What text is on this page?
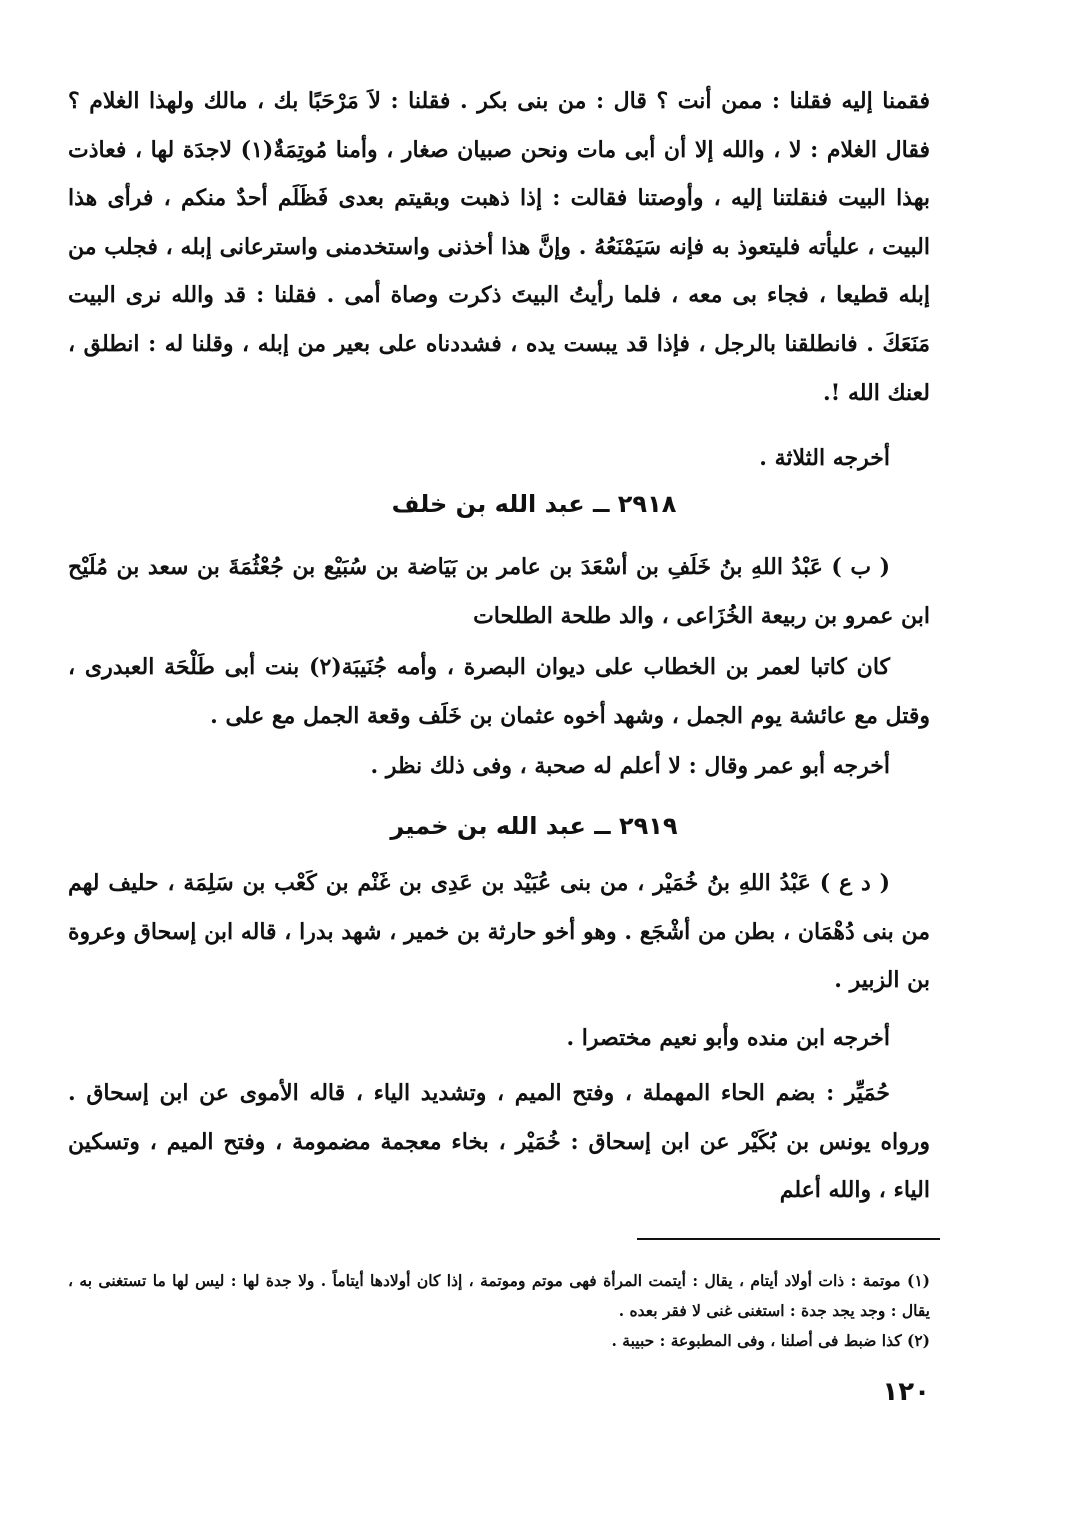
فقمنا إليه فقلنا : ممن أنت ؟ قال : من بنى بكر . فقلنا : لاَ مَرْحَبًا بك ، مالك ولهذا الغلام ؟ فقال الغلام : لا ، والله إلا أن أبى مات ونحن صبيان صغار ، وأمنا مُوتِمَةٌ(١) لاجدَة لها ، فعاذت بهذا البيت فنقلتنا إليه ، وأوصتنا فقالت : إذا ذهبت وبقيتم بعدى فَظَلَم أحدٌ منكم ، فرأى هذا البيت ، عليأته فليتعوذ به فإنه سَيَمْنَعُهُ . وإنَّ هذا أخذنى واستخدمنى واسترعانى إبله ، فجلب من إبله قطيعا ، فجاء بى معه ، فلما رأيتُ البيتَ ذكرت وصاة أمى . فقلنا : قد والله نرى البيت مَنَعَكَ . فانطلقنا بالرجل ، فإذا قد يبست يده ، فشددناه على بعير من إبله ، وقلنا له : انطلق ، لعنك الله !.
أخرجه الثلاثة .
٢٩١٨ ــ عبد الله بن خلف
( ب ) عَبْدُ اللهِ بنُ خَلَفِ بن أسْعَدَ بن عامر بن بَيَاضة بن سُبَيْع بن جُعْثُمَةَ بن سعد بن مُلَيْح ابن عمرو بن ربيعة الخُزَاعى ، والد طلحة الطلحات
كان كاتبا لعمر بن الخطاب على ديوان البصرة ، وأمه جُنَيبَة(٢) بنت أبى طَلْحَة العبدرى ، وقتل مع عائشة يوم الجمل ، وشهد أخوه عثمان بن خَلَف وقعة الجمل مع على .
أخرجه أبو عمر وقال : لا أعلم له صحبة ، وفى ذلك نظر .
٢٩١٩ ــ عبد الله بن خمير
( د ع ) عَبْدُ اللهِ بنُ خُمَيْر ، من بنى عُبَيْد بن عَدِى بن غَنْم بن كَعْب بن سَلِمَة ، حليف لهم من بنى دُهْمَان ، بطن من أشْجَع . وهو أخو حارثة بن خمير ، شهد بدرا ، قاله ابن إسحاق وعروة بن الزبير .
أخرجه ابن منده وأبو نعيم مختصرا .
حُمَيِّر : بضم الحاء المهملة ، وفتح الميم ، وتشديد الياء ، قاله الأموى عن ابن إسحاق . ورواه يونس بن بُكَيْر عن ابن إسحاق : خُمَيْر ، بخاء معجمة مضمومة ، وفتح الميم ، وتسكين الياء ، والله أعلم
(١) موتمة : ذات أولاد أيتام ، يقال : أيتمت المرأة فهى موتم وموتمة ، إذا كان أولادها أيتاماً . ولا جدة لها : ليس لها ما تستغنى به ، يقال : وجد يجد جدة : استغنى غنى لا فقر بعده .
(٢) كذا ضبط فى أصلنا ، وفى المطبوعة : حبيبة .
١٢٠
